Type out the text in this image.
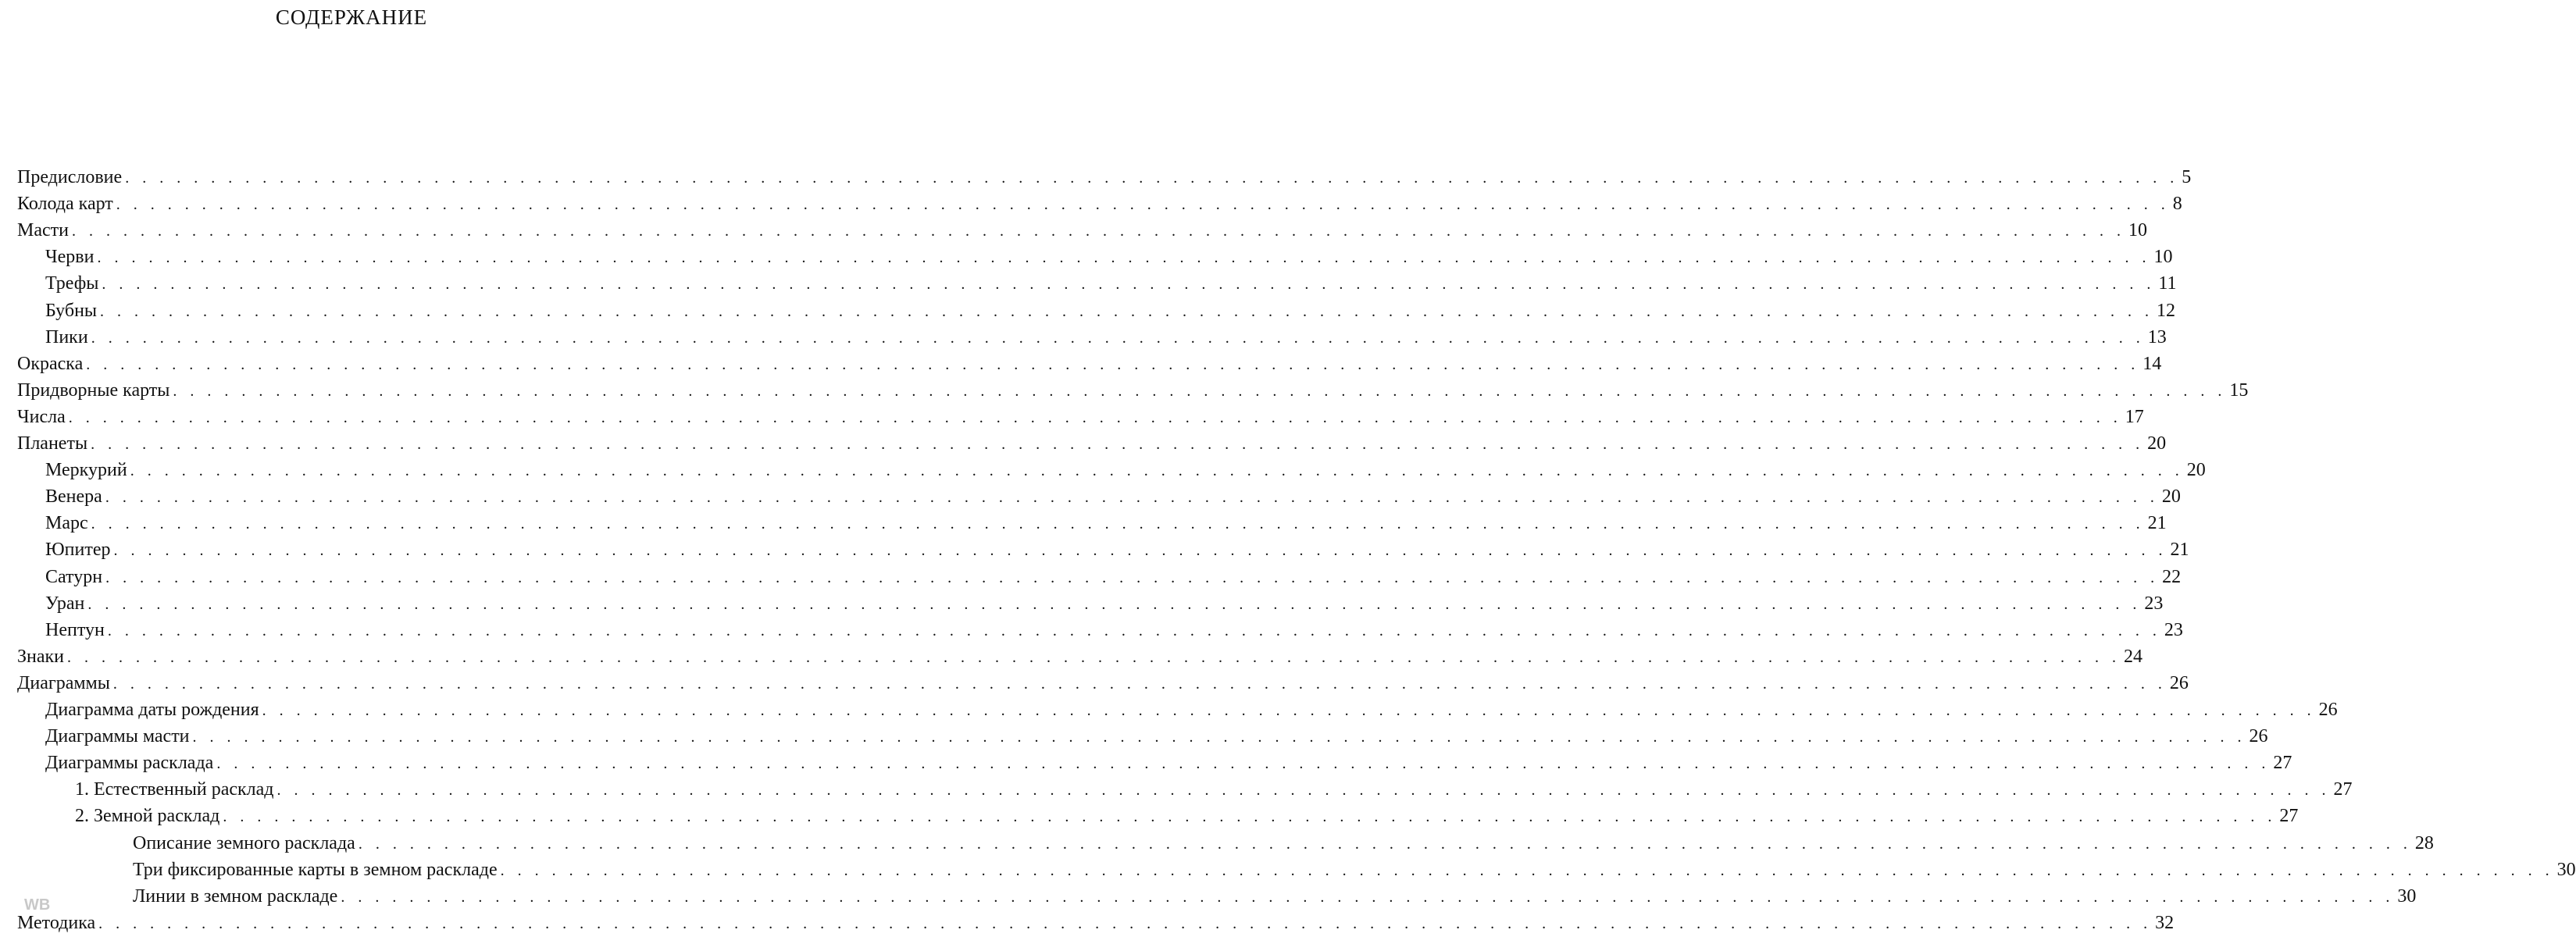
СОДЕРЖАНИЕ
Предисловие . . . . . . . . . . . . . . . . . . . . . . . . . . . . . . . . . . . . . . . . . . . . . . . . . . . . . . . . . . . . . . . . . . . . . . . . . . . . . . . . . . . . . . . . . . . . . . . . . . . . . . . . . . . . . . . . . . . . . . . . 5
Колода карт . . . . . . . . . . . . . . . . . . . . . . . . . . . . . . . . . . . . . . . . . . . . . . . . . . . . . . . . . . . . . . . . . . . . . . . . . . . . . . . . . . . . . . . . . . . . . . . . . . . . . . . . . . . . . . . . . . . . . . . . 8
Масти . . . . . . . . . . . . . . . . . . . . . . . . . . . . . . . . . . . . . . . . . . . . . . . . . . . . . . . . . . . . . . . . . . . . . . . . . . . . . . . . . . . . . . . . . . . . . . . . . . . . . . . . . . . . . . . . . . . . . . . . 10
Черви . . . . . . . . . . . . . . . . . . . . . . . . . . . . . . . . . . . . . . . . . . . . . . . . . . . . . . . . . . . . . . . . . . . . . . . . . . . . . . . . . . . . . . . . . . . . . . . . . . . . . . . . . . . . . . . . . . . . . . . . 10
Трефы . . . . . . . . . . . . . . . . . . . . . . . . . . . . . . . . . . . . . . . . . . . . . . . . . . . . . . . . . . . . . . . . . . . . . . . . . . . . . . . . . . . . . . . . . . . . . . . . . . . . . . . . . . . . . . . . . . . . . . . . 11
Бубны . . . . . . . . . . . . . . . . . . . . . . . . . . . . . . . . . . . . . . . . . . . . . . . . . . . . . . . . . . . . . . . . . . . . . . . . . . . . . . . . . . . . . . . . . . . . . . . . . . . . . . . . . . . . . . . . . . . . . . . . 12
Пики . . . . . . . . . . . . . . . . . . . . . . . . . . . . . . . . . . . . . . . . . . . . . . . . . . . . . . . . . . . . . . . . . . . . . . . . . . . . . . . . . . . . . . . . . . . . . . . . . . . . . . . . . . . . . . . . . . . . . . . . 13
Окраска . . . . . . . . . . . . . . . . . . . . . . . . . . . . . . . . . . . . . . . . . . . . . . . . . . . . . . . . . . . . . . . . . . . . . . . . . . . . . . . . . . . . . . . . . . . . . . . . . . . . . . . . . . . . . . . . . . . . . . . . 14
Придворные карты . . . . . . . . . . . . . . . . . . . . . . . . . . . . . . . . . . . . . . . . . . . . . . . . . . . . . . . . . . . . . . . . . . . . . . . . . . . . . . . . . . . . . . . . . . . . . . . . . . . . . . . . . . . . . . . . . . . . . . . . 15
Числа . . . . . . . . . . . . . . . . . . . . . . . . . . . . . . . . . . . . . . . . . . . . . . . . . . . . . . . . . . . . . . . . . . . . . . . . . . . . . . . . . . . . . . . . . . . . . . . . . . . . . . . . . . . . . . . . . . . . . . . . 17
Планеты . . . . . . . . . . . . . . . . . . . . . . . . . . . . . . . . . . . . . . . . . . . . . . . . . . . . . . . . . . . . . . . . . . . . . . . . . . . . . . . . . . . . . . . . . . . . . . . . . . . . . . . . . . . . . . . . . . . . . . . . 20
Меркурий . . . . . . . . . . . . . . . . . . . . . . . . . . . . . . . . . . . . . . . . . . . . . . . . . . . . . . . . . . . . . . . . . . . . . . . . . . . . . . . . . . . . . . . . . . . . . . . . . . . . . . . . . . . . . . . . . . . . . . . . 20
Венера . . . . . . . . . . . . . . . . . . . . . . . . . . . . . . . . . . . . . . . . . . . . . . . . . . . . . . . . . . . . . . . . . . . . . . . . . . . . . . . . . . . . . . . . . . . . . . . . . . . . . . . . . . . . . . . . . . . . . . . . 20
Марс . . . . . . . . . . . . . . . . . . . . . . . . . . . . . . . . . . . . . . . . . . . . . . . . . . . . . . . . . . . . . . . . . . . . . . . . . . . . . . . . . . . . . . . . . . . . . . . . . . . . . . . . . . . . . . . . . . . . . . . . 21
Юпитер . . . . . . . . . . . . . . . . . . . . . . . . . . . . . . . . . . . . . . . . . . . . . . . . . . . . . . . . . . . . . . . . . . . . . . . . . . . . . . . . . . . . . . . . . . . . . . . . . . . . . . . . . . . . . . . . . . . . . . . . 21
Сатурн . . . . . . . . . . . . . . . . . . . . . . . . . . . . . . . . . . . . . . . . . . . . . . . . . . . . . . . . . . . . . . . . . . . . . . . . . . . . . . . . . . . . . . . . . . . . . . . . . . . . . . . . . . . . . . . . . . . . . . . . 22
Уран . . . . . . . . . . . . . . . . . . . . . . . . . . . . . . . . . . . . . . . . . . . . . . . . . . . . . . . . . . . . . . . . . . . . . . . . . . . . . . . . . . . . . . . . . . . . . . . . . . . . . . . . . . . . . . . . . . . . . . . . 23
Нептун . . . . . . . . . . . . . . . . . . . . . . . . . . . . . . . . . . . . . . . . . . . . . . . . . . . . . . . . . . . . . . . . . . . . . . . . . . . . . . . . . . . . . . . . . . . . . . . . . . . . . . . . . . . . . . . . . . . . . . . . 23
Знаки . . . . . . . . . . . . . . . . . . . . . . . . . . . . . . . . . . . . . . . . . . . . . . . . . . . . . . . . . . . . . . . . . . . . . . . . . . . . . . . . . . . . . . . . . . . . . . . . . . . . . . . . . . . . . . . . . . . . . . . . 24
Диаграммы . . . . . . . . . . . . . . . . . . . . . . . . . . . . . . . . . . . . . . . . . . . . . . . . . . . . . . . . . . . . . . . . . . . . . . . . . . . . . . . . . . . . . . . . . . . . . . . . . . . . . . . . . . . . . . . . . . . . . . . . 26
Диаграмма даты рождения . . . . . . . . . . . . . . . . . . . . . . . . . . . . . . . . . . . . . . . . . . . . . . . . . . . . . . . . . . . . . . . . . . . . . . . . . . . . . . . . . . . . . . . . . . . . . . . . . . . . . . . . . . . . . . . . . . . . . . . . 26
Диаграммы масти . . . . . . . . . . . . . . . . . . . . . . . . . . . . . . . . . . . . . . . . . . . . . . . . . . . . . . . . . . . . . . . . . . . . . . . . . . . . . . . . . . . . . . . . . . . . . . . . . . . . . . . . . . . . . . . . . . . . . . . . 26
Диаграммы расклада . . . . . . . . . . . . . . . . . . . . . . . . . . . . . . . . . . . . . . . . . . . . . . . . . . . . . . . . . . . . . . . . . . . . . . . . . . . . . . . . . . . . . . . . . . . . . . . . . . . . . . . . . . . . . . . . . . . . . . . . 27
1. Естественный расклад . . . . . . . . . . . . . . . . . . . . . . . . . . . . . . . . . . . . . . . . . . . . . . . . . . . . . . . . . . . . . . . . . . . . . . . . . . . . . . . . . . . . . . . . . . . . . . . . . . . . . . . . . . . . . . . . . . . . . . . . 27
2. Земной расклад . . . . . . . . . . . . . . . . . . . . . . . . . . . . . . . . . . . . . . . . . . . . . . . . . . . . . . . . . . . . . . . . . . . . . . . . . . . . . . . . . . . . . . . . . . . . . . . . . . . . . . . . . . . . . . . . . . . . . . . . 27
Описание земного расклада . . . . . . . . . . . . . . . . . . . . . . . . . . . . . . . . . . . . . . . . . . . . . . . . . . . . . . . . . . . . . . . . . . . . . . . . . . . . . . . . . . . . . . . . . . . . . . . . . . . . . . . . . . . . . . . . . . . . . . . . 28
Три фиксированные карты в земном раскладе . . . . . . . . . . . . . . . . . . . . . . . . . . . . . . . . . . . . . . . . . . . . . . . . . . . . . . . . . . . . . . . . . . . . . . . . . . . . . . . . . . . . . . . . . . . . . . . . . . . . . . . . . . . . . . . . . . . . . . . . 30
Линии в земном раскладе . . . . . . . . . . . . . . . . . . . . . . . . . . . . . . . . . . . . . . . . . . . . . . . . . . . . . . . . . . . . . . . . . . . . . . . . . . . . . . . . . . . . . . . . . . . . . . . . . . . . . . . . . . . . . . . . . . . . . . . . 30
Методика . . . . . . . . . . . . . . . . . . . . . . . . . . . . . . . . . . . . . . . . . . . . . . . . . . . . . . . . . . . . . . . . . . . . . . . . . . . . . . . . . . . . . . . . . . . . . . . . . . . . . . . . . . . . . . . . . . . . . . . . 32
WB
